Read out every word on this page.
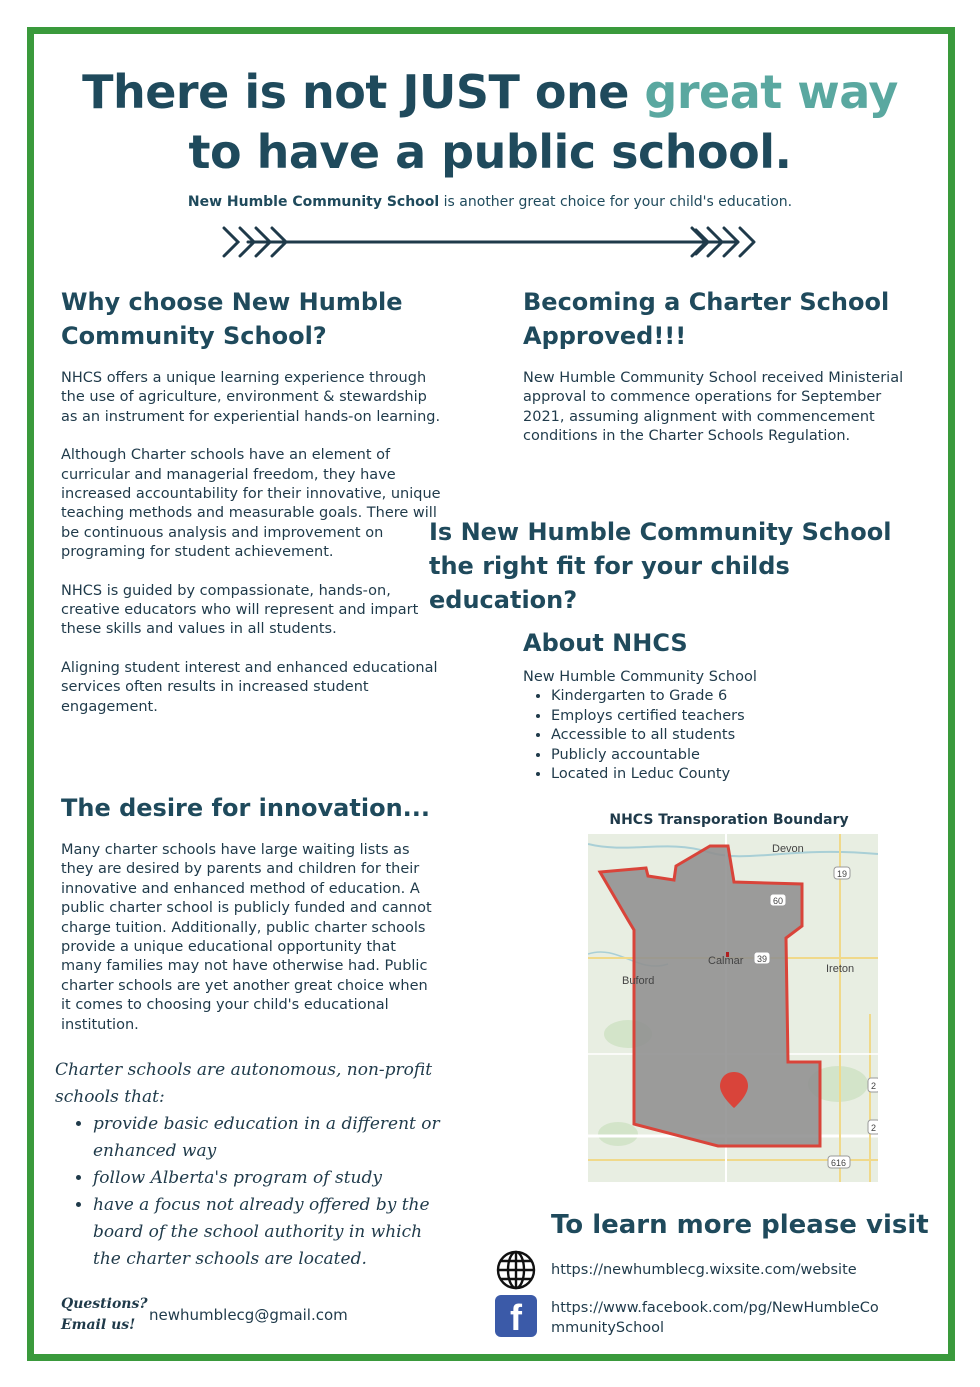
There is not JUST one great way
to have a public school.
New Humble Community School is another great choice for your child's education.
Why choose New Humble Community School?

NHCS offers a unique learning experience through the use of agriculture, environment & stewardship as an instrument for experiential hands-on learning.

Although Charter schools have an element of curricular and managerial freedom, they have increased accountability for their innovative, unique teaching methods and measurable goals. There will be continuous analysis and improvement on programing for student achievement.

NHCS is guided by compassionate, hands-on, creative educators who will represent and impart these skills and values in all students.

Aligning student interest and enhanced educational services often results in increased student engagement.

The desire for innovation...

Many charter schools have large waiting lists as they are desired by parents and children for their innovative and enhanced method of education. A public charter school is publicly funded and cannot charge tuition. Additionally, public charter schools provide a unique educational opportunity that many families may not have otherwise had. Public charter schools are yet another great choice when it comes to choosing your child's educational institution.

Charter schools are autonomous, non-profit schools that:
• provide basic education in a different or enhanced way
• follow Alberta's program of study
• have a focus not already offered by the board of the school authority in which the charter schools are located.
Questions?
Email us!
newhumblecg@gmail.com
Becoming a Charter School Approved!!!

New Humble Community School received Ministerial approval to commence operations for September 2021, assuming alignment with commencement conditions in the Charter Schools Regulation.

Is New Humble Community School the right fit for your childs education?
About NHCS
New Humble Community School
• Kindergarten to Grade 6
• Employs certified teachers
• Accessible to all students
• Publicly accountable
• Located in Leduc County
NHCS Transporation Boundary
Devon
Calmar
Buford
Ireton
19
60
39
616
2
2
To learn more please visit
https://newhumblecg.wixsite.com/website
f	https://www.facebook.com/pg/NewHumbleCo
mmunitySchool
